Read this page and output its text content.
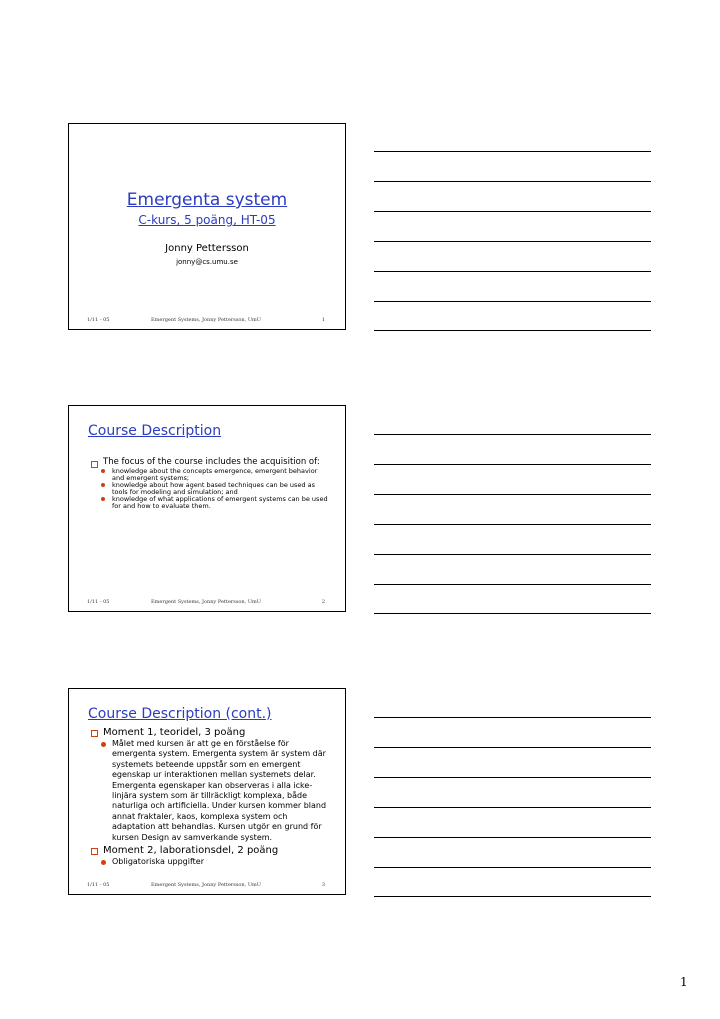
Emergenta system
C-kurs, 5 poäng, HT-05
Jonny Pettersson
jonny@cs.umu.se
1/11 - 05	Emergent Systems, Jonny Pettersson, UmU	1
Course Description
The focus of the course includes the acquisition of:
knowledge about the concepts emergence, emergent behavior and emergent systems;
knowledge about how agent based techniques can be used as tools for modeling and simulation; and
knowledge of what applications of emergent systems can be used for and how to evaluate them.
1/11 - 05	Emergent Systems, Jonny Pettersson, UmU	2
Course Description (cont.)
Moment 1, teoridel, 3 poäng
Målet med kursen är att ge en förståelse för emergenta system. Emergenta system är system där systemets beteende uppstår som en emergent egenskap ur interaktionen mellan systemets delar. Emergenta egenskaper kan observeras i alla icke-linjära system som är tillräckligt komplexa, både naturliga och artificiella. Under kursen kommer bland annat fraktaler, kaos, komplexa system och adaptation att behandlas. Kursen utgör en grund för kursen Design av samverkande system.
Moment 2, laborationsdel, 2 poäng
Obligatoriska uppgifter
1/11 - 05	Emergent Systems, Jonny Pettersson, UmU	3
1
